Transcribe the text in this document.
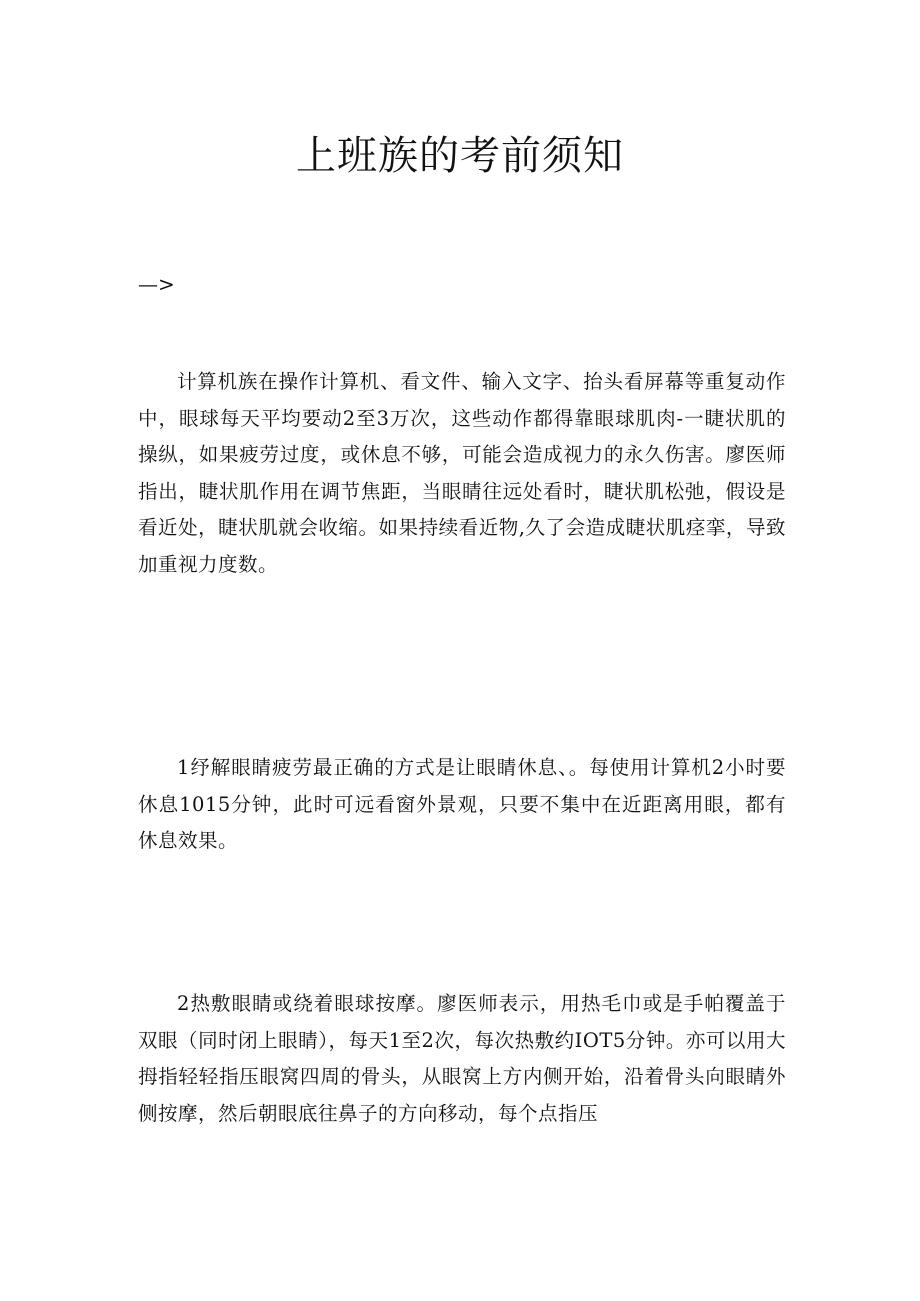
上班族的考前须知
—>

计算机族在操作计算机、看文件、输入文字、抬头看屏幕等重复动作中，眼球每天平均要动2至3万次，这些动作都得靠眼球肌肉-一睫状肌的操纵，如果疲劳过度，或休息不够，可能会造成视力的永久伤害。廖医师指出，睫状肌作用在调节焦距，当眼睛往远处看时，睫状肌松弛，假设是看近处，睫状肌就会收缩。如果持续看近物,久了会造成睫状肌痉挛，导致加重视力度数。

1纾解眼睛疲劳最正确的方式是让眼睛休息、。每使用计算机2小时要休息1015分钟，此时可远看窗外景观，只要不集中在近距离用眼，都有休息效果。

2热敷眼睛或绕着眼球按摩。廖医师表示，用热毛巾或是手帕覆盖于双眼（同时闭上眼睛），每天1至2次，每次热敷约IOT5分钟。亦可以用大拇指轻轻指压眼窝四周的骨头，从眼窝上方内侧开始，沿着骨头向眼睛外侧按摩，然后朝眼底往鼻子的方向移动，每个点指压
